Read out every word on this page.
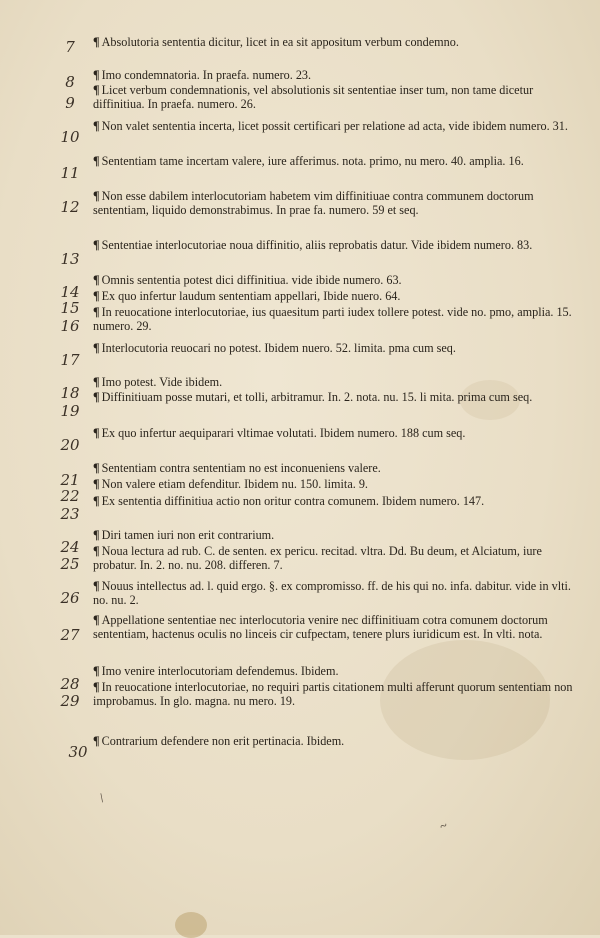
7	¶ Absolutoria sententia dicitur, licet in ea sit appositum verbum condemno.
8	¶ Imo condemnatoria. In praefa. numero. 23.
9
¶ Licet verbum condemnationis, vel absolutionis sit sententiae inser tum, non tame dicetur diffinitiua. In praefa. numero. 26.
10
¶ Non valet sententia incerta, licet possit certificari per relatione ad acta, vide ibidem numero. 31.
11
¶ Sententiam tame incertam valere, iure afferimus. nota. primo, nu mero. 40. amplia. 16.
12
¶ Non esse dabilem interlocutoriam habetem vim diffinitiuae contra communem doctorum sententiam, liquido demonstrabimus. In prae fa. numero. 59 et seq.
13
¶ Sententiae interlocutoriae noua diffinitio, aliis reprobatis datur. Vide ibidem numero. 83.
14
¶ Omnis sententia potest dici diffinitiua. vide ibide numero. 63.
15
¶ Ex quo infertur laudum sententiam appellari, Ibide nuero. 64.
16
¶ In reuocatione interlocutoriae, ius quaesitum parti iudex tollere potest. vide no. pmo, amplia. 15. numero. 29.
17
¶ Interlocutoria reuocari no potest. Ibidem nuero. 52. limita. pma cum seq.
18
¶ Imo potest. Vide ibidem.
19
¶ Diffinitiuam posse mutari, et tolli, arbitramur. In. 2. nota. nu. 15. li mita. prima cum seq.
20
¶ Ex quo infertur aequiparari vltimae volutati. Ibidem numero. 188 cum seq.
21
¶ Sententiam contra sententiam no est inconueniens valere.
22
¶ Non valere etiam defenditur. Ibidem nu. 150. limita. 9.
23
¶ Ex sententia diffinitiua actio non oritur contra comunem. Ibidem numero. 147.
24
¶ Diri tamen iuri non erit contrarium.
25
¶ Noua lectura ad rub. C. de senten. ex pericu. recitad. vltra. Dd. Bu deum, et Alciatum, iure probatur. In. 2. no. nu. 208. differen. 7.
26
¶ Nouus intellectus ad. l. quid ergo. §. ex compromisso. ff. de his qui no. infa. dabitur. vide in vlti. no. nu. 2.
27
¶ Appellatione sententiae nec interlocutoria venire nec diffinitiuam cotra comunem doctorum sententiam, hactenus oculis no linceis cir cufpectam, tenere plurs iuridicum est. In vlti. nota.
28
¶ Imo venire interlocutoriam defendemus. Ibidem.
29
¶ In reuocatione interlocutoriae, no requiri partis citationem multi afferunt quorum sententiam non improbamus. In glo. magna. nu mero. 19.
30
¶ Contrarium defendere non erit pertinacia. Ibidem.
/
~
